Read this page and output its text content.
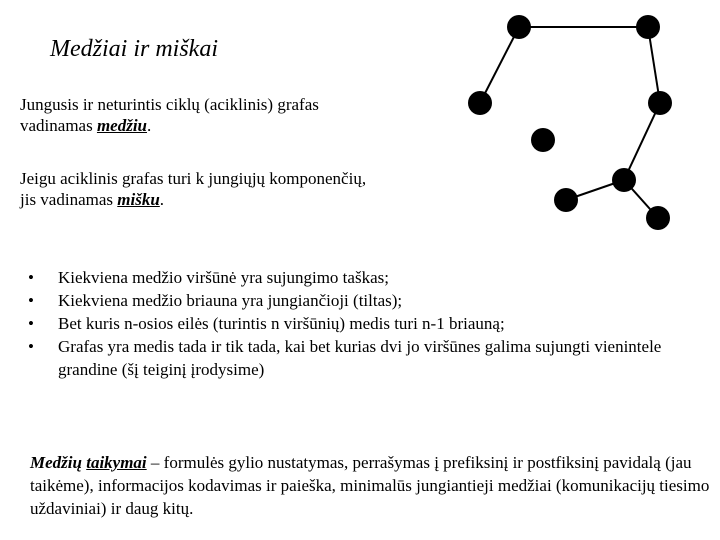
Medžiai ir miškai
Jungusis ir neturintis ciklų (aciklinis) grafas
vadinamas medžiu.
Jeigu aciklinis grafas turi k jungiųjų komponenčių,
jis vadinamas mišku.
• Kiekviena medžio viršūnė yra sujungimo taškas;
• Kiekviena medžio briauna yra jungiančioji (tiltas);
• Bet kuris n-osios eilės (turintis n viršūnių) medis turi n-1 briauną;
• Grafas yra medis tada ir tik tada, kai bet kurias dvi jo viršūnes galima sujungti vienintele grandine (šį teiginį įrodysime)
Medžių taikymai – formulės gylio nustatymas, perrašymas į prefiksinį ir postfiksinį pavidalą (jau taikėme), informacijos kodavimas ir paieška, minimalūs jungiantieji medžiai (komunikacijų tiesimo uždaviniai) ir daug kitų.
